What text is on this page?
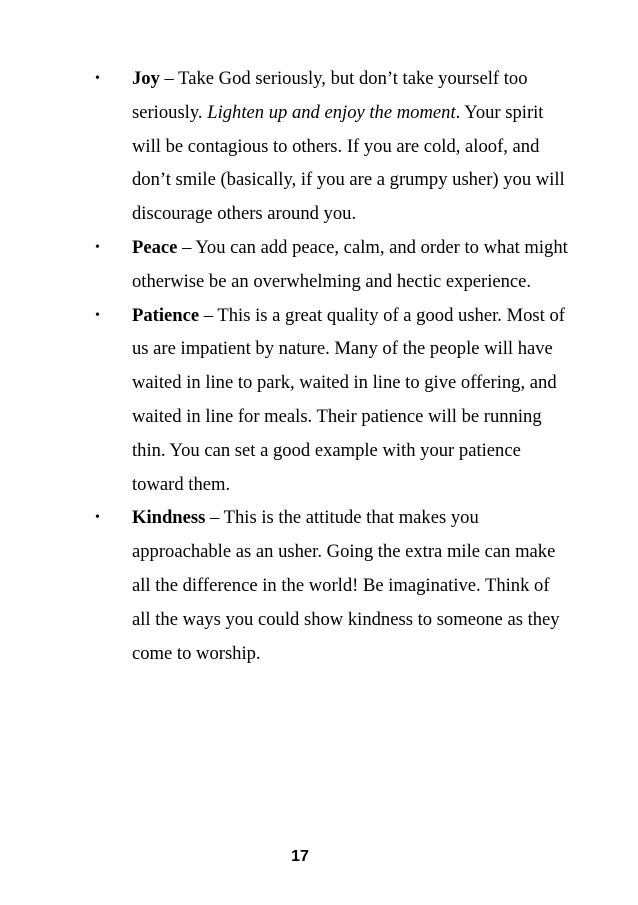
• Joy – Take God seriously, but don’t take yourself too seriously. Lighten up and enjoy the moment. Your spirit will be contagious to others. If you are cold, aloof, and don’t smile (basically, if you are a grumpy usher) you will discourage others around you.
• Peace – You can add peace, calm, and order to what might otherwise be an overwhelming and hectic experience.
• Patience – This is a great quality of a good usher. Most of us are impatient by nature. Many of the people will have waited in line to park, waited in line to give offering, and waited in line for meals. Their patience will be running thin. You can set a good example with your patience toward them.
• Kindness – This is the attitude that makes you approachable as an usher. Going the extra mile can make all the difference in the world! Be imaginative. Think of all the ways you could show kindness to someone as they come to worship.
17
